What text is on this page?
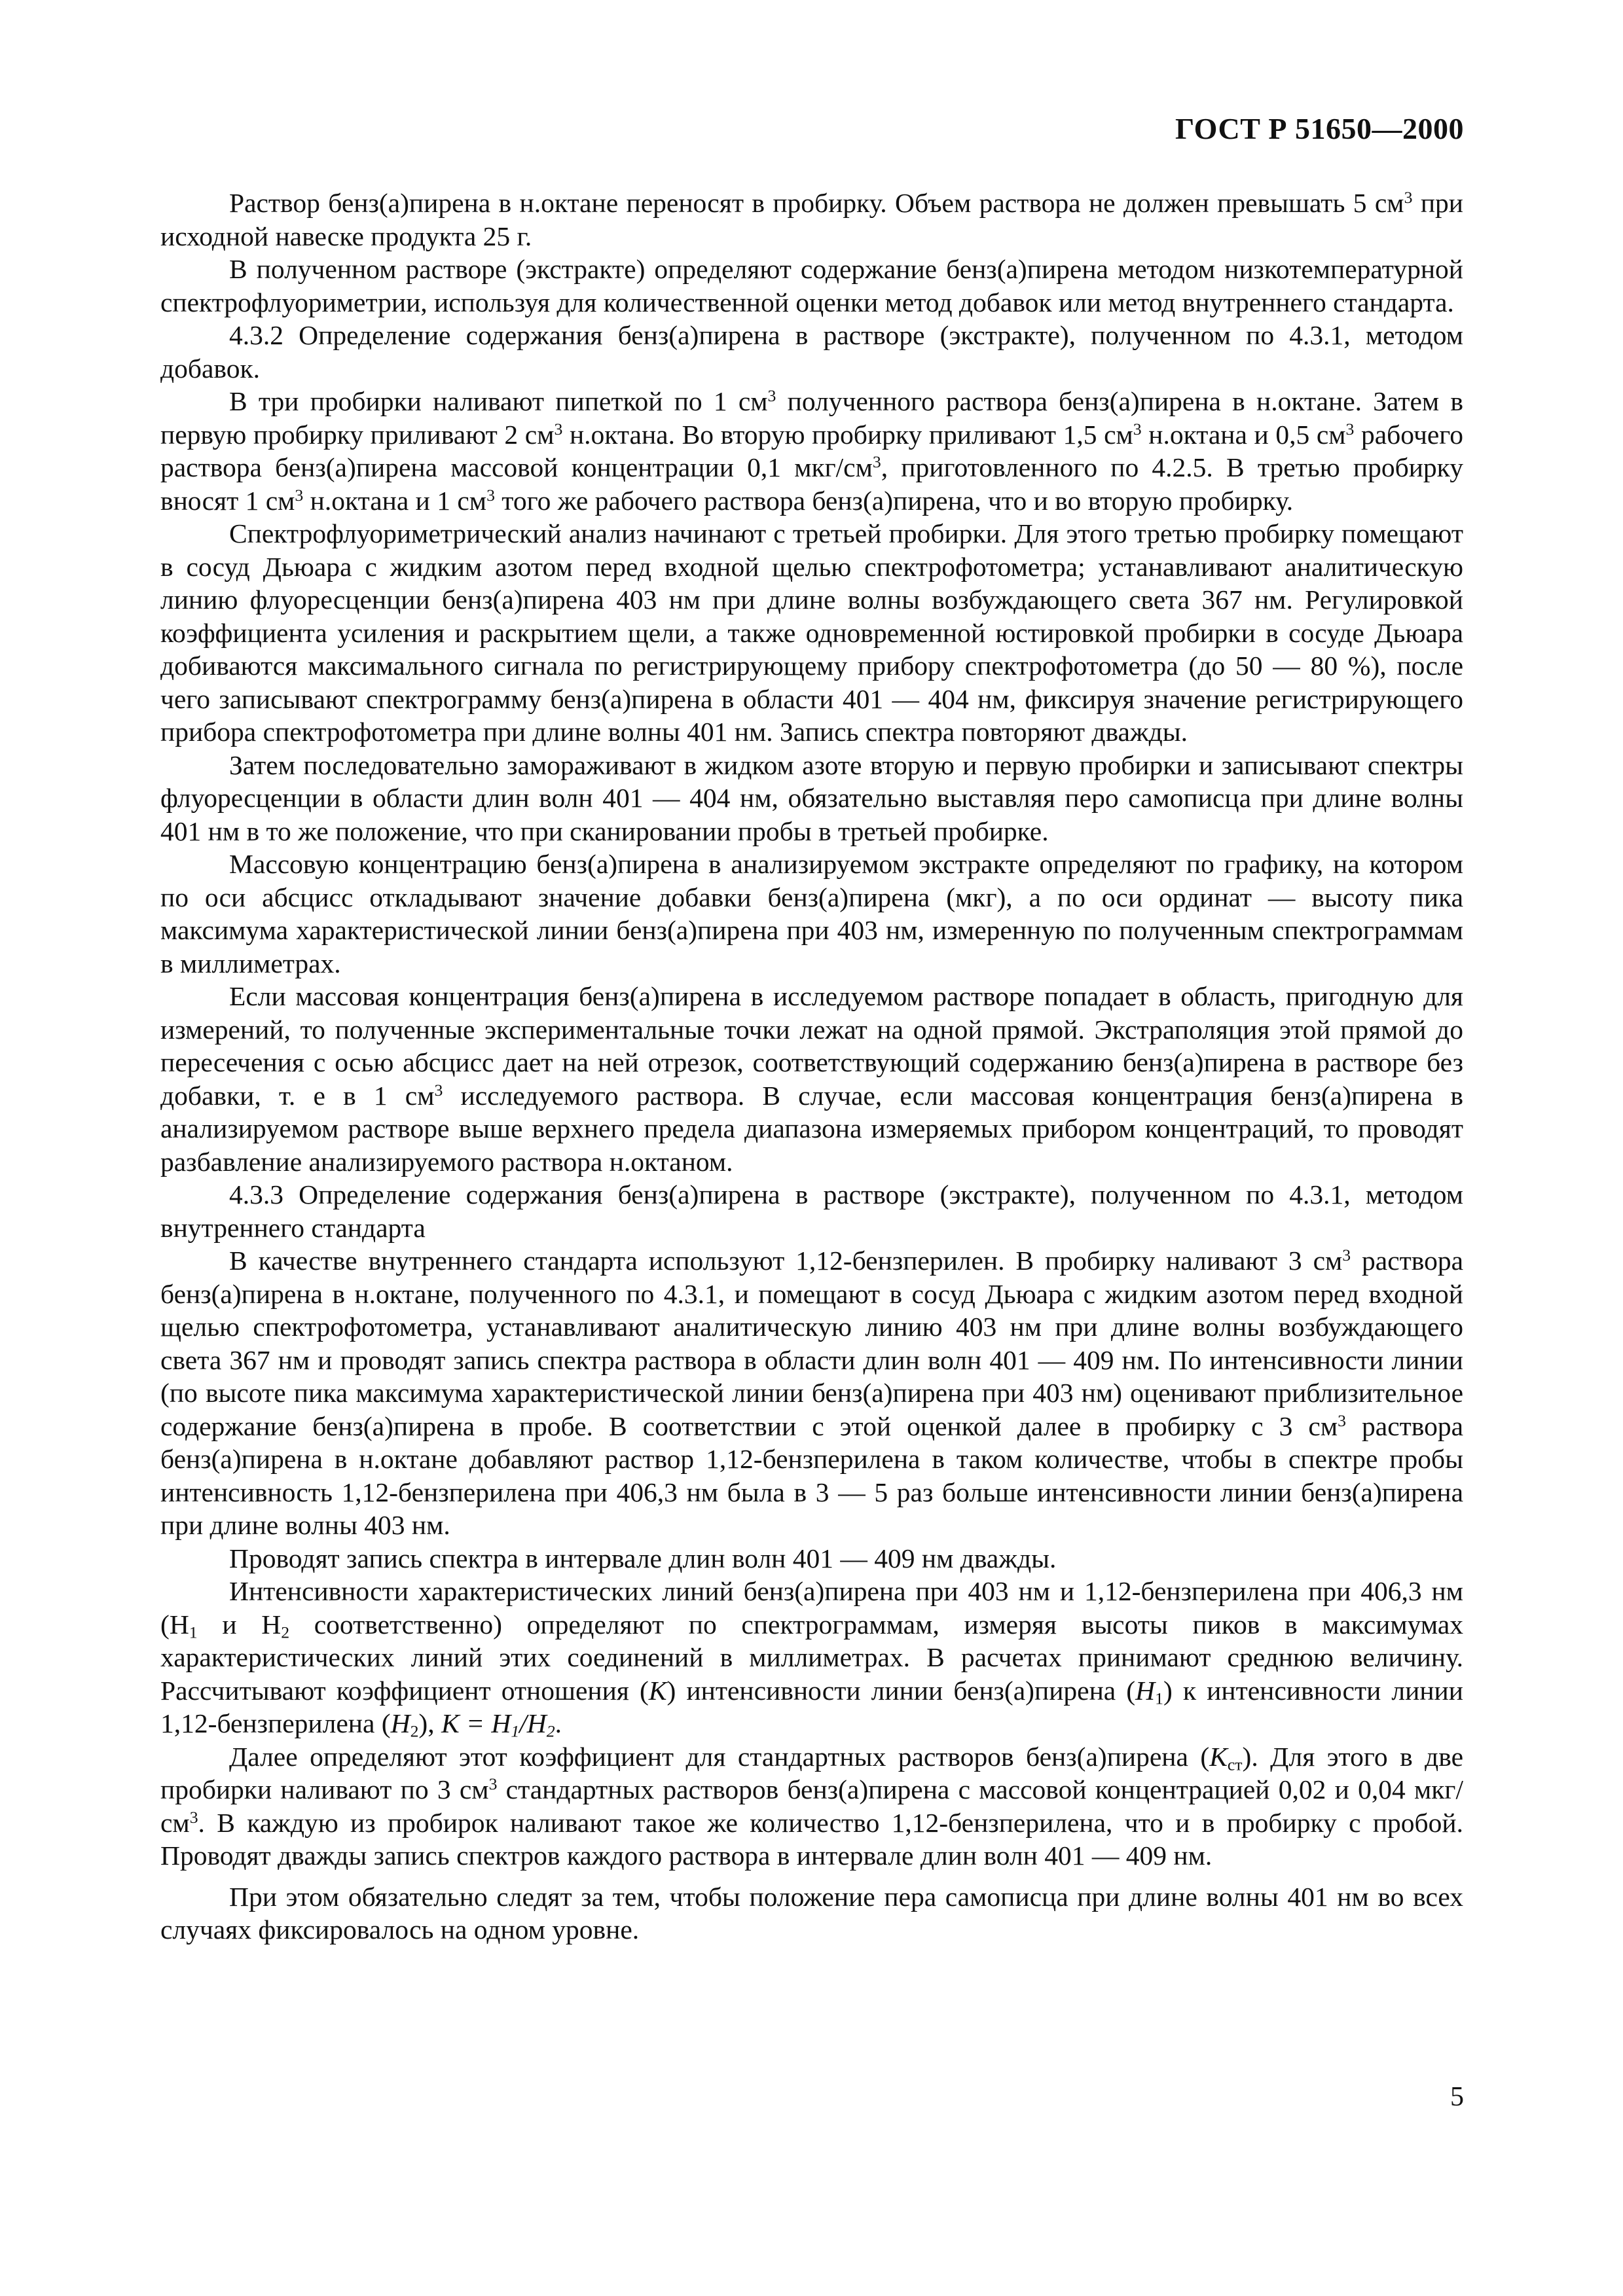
ГОСТ Р 51650—2000

Раствор бенз(а)пирена в н.октане переносят в пробирку. Объем раствора не должен превышать 5 $см^3$ при исходной навеске продукта 25 г.

В полученном растворе (экстракте) определяют содержание бенз(а)пирена методом низкотемпературной спектрофлуориметрии, используя для количественной оценки метод добавок или метод внутреннего стандарта.

4.3.2 Определение содержания бенз(а)пирена в растворе (экстракте), полученном по 4.3.1, методом добавок.

В три пробирки наливают пипеткой по 1 $см^3$ полученного раствора бенз(а)пирена в н.октане. Затем в первую пробирку приливают 2 $см^3$ н.октана. Во вторую пробирку приливают 1,5 $см^3$ н.октана и 0,5 $см^3$ рабочего раствора бенз(а)пирена массовой концентрации 0,1 мкг/$см^3$, приготовленного по 4.2.5. В третью пробирку вносят 1 $см^3$ н.октана и 1 $см^3$ того же рабочего раствора бенз(а)пирена, что и во вторую пробирку.

Спектрофлуориметрический анализ начинают с третьей пробирки. Для этого третью пробирку помещают в сосуд Дьюара с жидким азотом перед входной щелью спектрофотометра; устанавливают аналитическую линию флуоресценции бенз(а)пирена 403 нм при длине волны возбуждающего света 367 нм. Регулировкой коэффициента усиления и раскрытием щели, а также одновременной юстировкой пробирки в сосуде Дьюара добиваются максимального сигнала по регистрирующему прибору спектрофотометра (до 50 — 80 %), после чего записывают спектрограмму бенз(а)пирена в области 401 — 404 нм, фиксируя значение регистрирующего прибора спектрофотометра при длине волны 401 нм. Запись спектра повторяют дважды.

Затем последовательно замораживают в жидком азоте вторую и первую пробирки и записывают спектры флуоресценции в области длин волн 401 — 404 нм, обязательно выставляя перо самописца при длине волны 401 нм в то же положение, что при сканировании пробы в третьей пробирке.

Массовую концентрацию бенз(а)пирена в анализируемом экстракте определяют по графику, на котором по оси абсцисс откладывают значение добавки бенз(а)пирена (мкг), а по оси ординат — высоту пика максимума характеристической линии бенз(а)пирена при 403 нм, измеренную по полученным спектрограммам в миллиметрах.

Если массовая концентрация бенз(а)пирена в исследуемом растворе попадает в область, пригодную для измерений, то полученные экспериментальные точки лежат на одной прямой. Экстраполяция этой прямой до пересечения с осью абсцисс дает на ней отрезок, соответствующий содержанию бенз(а)пирена в растворе без добавки, т. е в 1 $см^3$ исследуемого раствора. В случае, если массовая концентрация бенз(а)пирена в анализируемом растворе выше верхнего предела диапазона измеряемых прибором концентраций, то проводят разбавление анализируемого раствора н.октаном.

4.3.3 Определение содержания бенз(а)пирена в растворе (экстракте), полученном по 4.3.1, методом внутреннего стандарта

В качестве внутреннего стандарта используют 1,12-бензперилен. В пробирку наливают 3 $см^3$ раствора бенз(а)пирена в н.октане, полученного по 4.3.1, и помещают в сосуд Дьюара с жидким азотом перед входной щелью спектрофотометра, устанавливают аналитическую линию 403 нм при длине волны возбуждающего света 367 нм и проводят запись спектра раствора в области длин волн 401 — 409 нм. По интенсивности линии (по высоте пика максимума характеристической линии бенз(а)пирена при 403 нм) оценивают приблизительное содержание бенз(а)пирена в пробе. В соответствии с этой оценкой далее в пробирку с 3 $см^3$ раствора бенз(а)пирена в н.октане добавляют раствор 1,12-бензперилена в таком количестве, чтобы в спектре пробы интенсивность 1,12-бензперилена при 406,3 нм была в 3 — 5 раз больше интенсивности линии бенз(а)пирена при длине волны 403 нм.

Проводят запись спектра в интервале длин волн 401 — 409 нм дважды.

Интенсивности характеристических линий бенз(а)пирена при 403 нм и 1,12-бензперилена при 406,3 нм ($Н_1$ и $Н_2$ соответственно) определяют по спектрограммам, измеряя высоты пиков в максимумах характеристических линий этих соединений в миллиметрах. В расчетах принимают среднюю величину. Рассчитывают коэффициент отношения (K) интенсивности линии бенз(а)пирена $(H_1)$ к интенсивности линии 1,12-бензперилена $(H_2)$, $K = H_1/H_2$.

Далее определяют этот коэффициент для стандартных растворов бенз(а)пирена $(K_{ст})$. Для этого в две пробирки наливают по 3 $см^3$ стандартных растворов бенз(а)пирена с массовой концентрацией 0,02 и 0,04 мкг/$см^3$. В каждую из пробирок наливают такое же количество 1,12-бензперилена, что и в пробирку с пробой. Проводят дважды запись спектров каждого раствора в интервале длин волн 401 — 409 нм.

При этом обязательно следят за тем, чтобы положение пера самописца при длине волны 401 нм во всех случаях фиксировалось на одном уровне.

5
